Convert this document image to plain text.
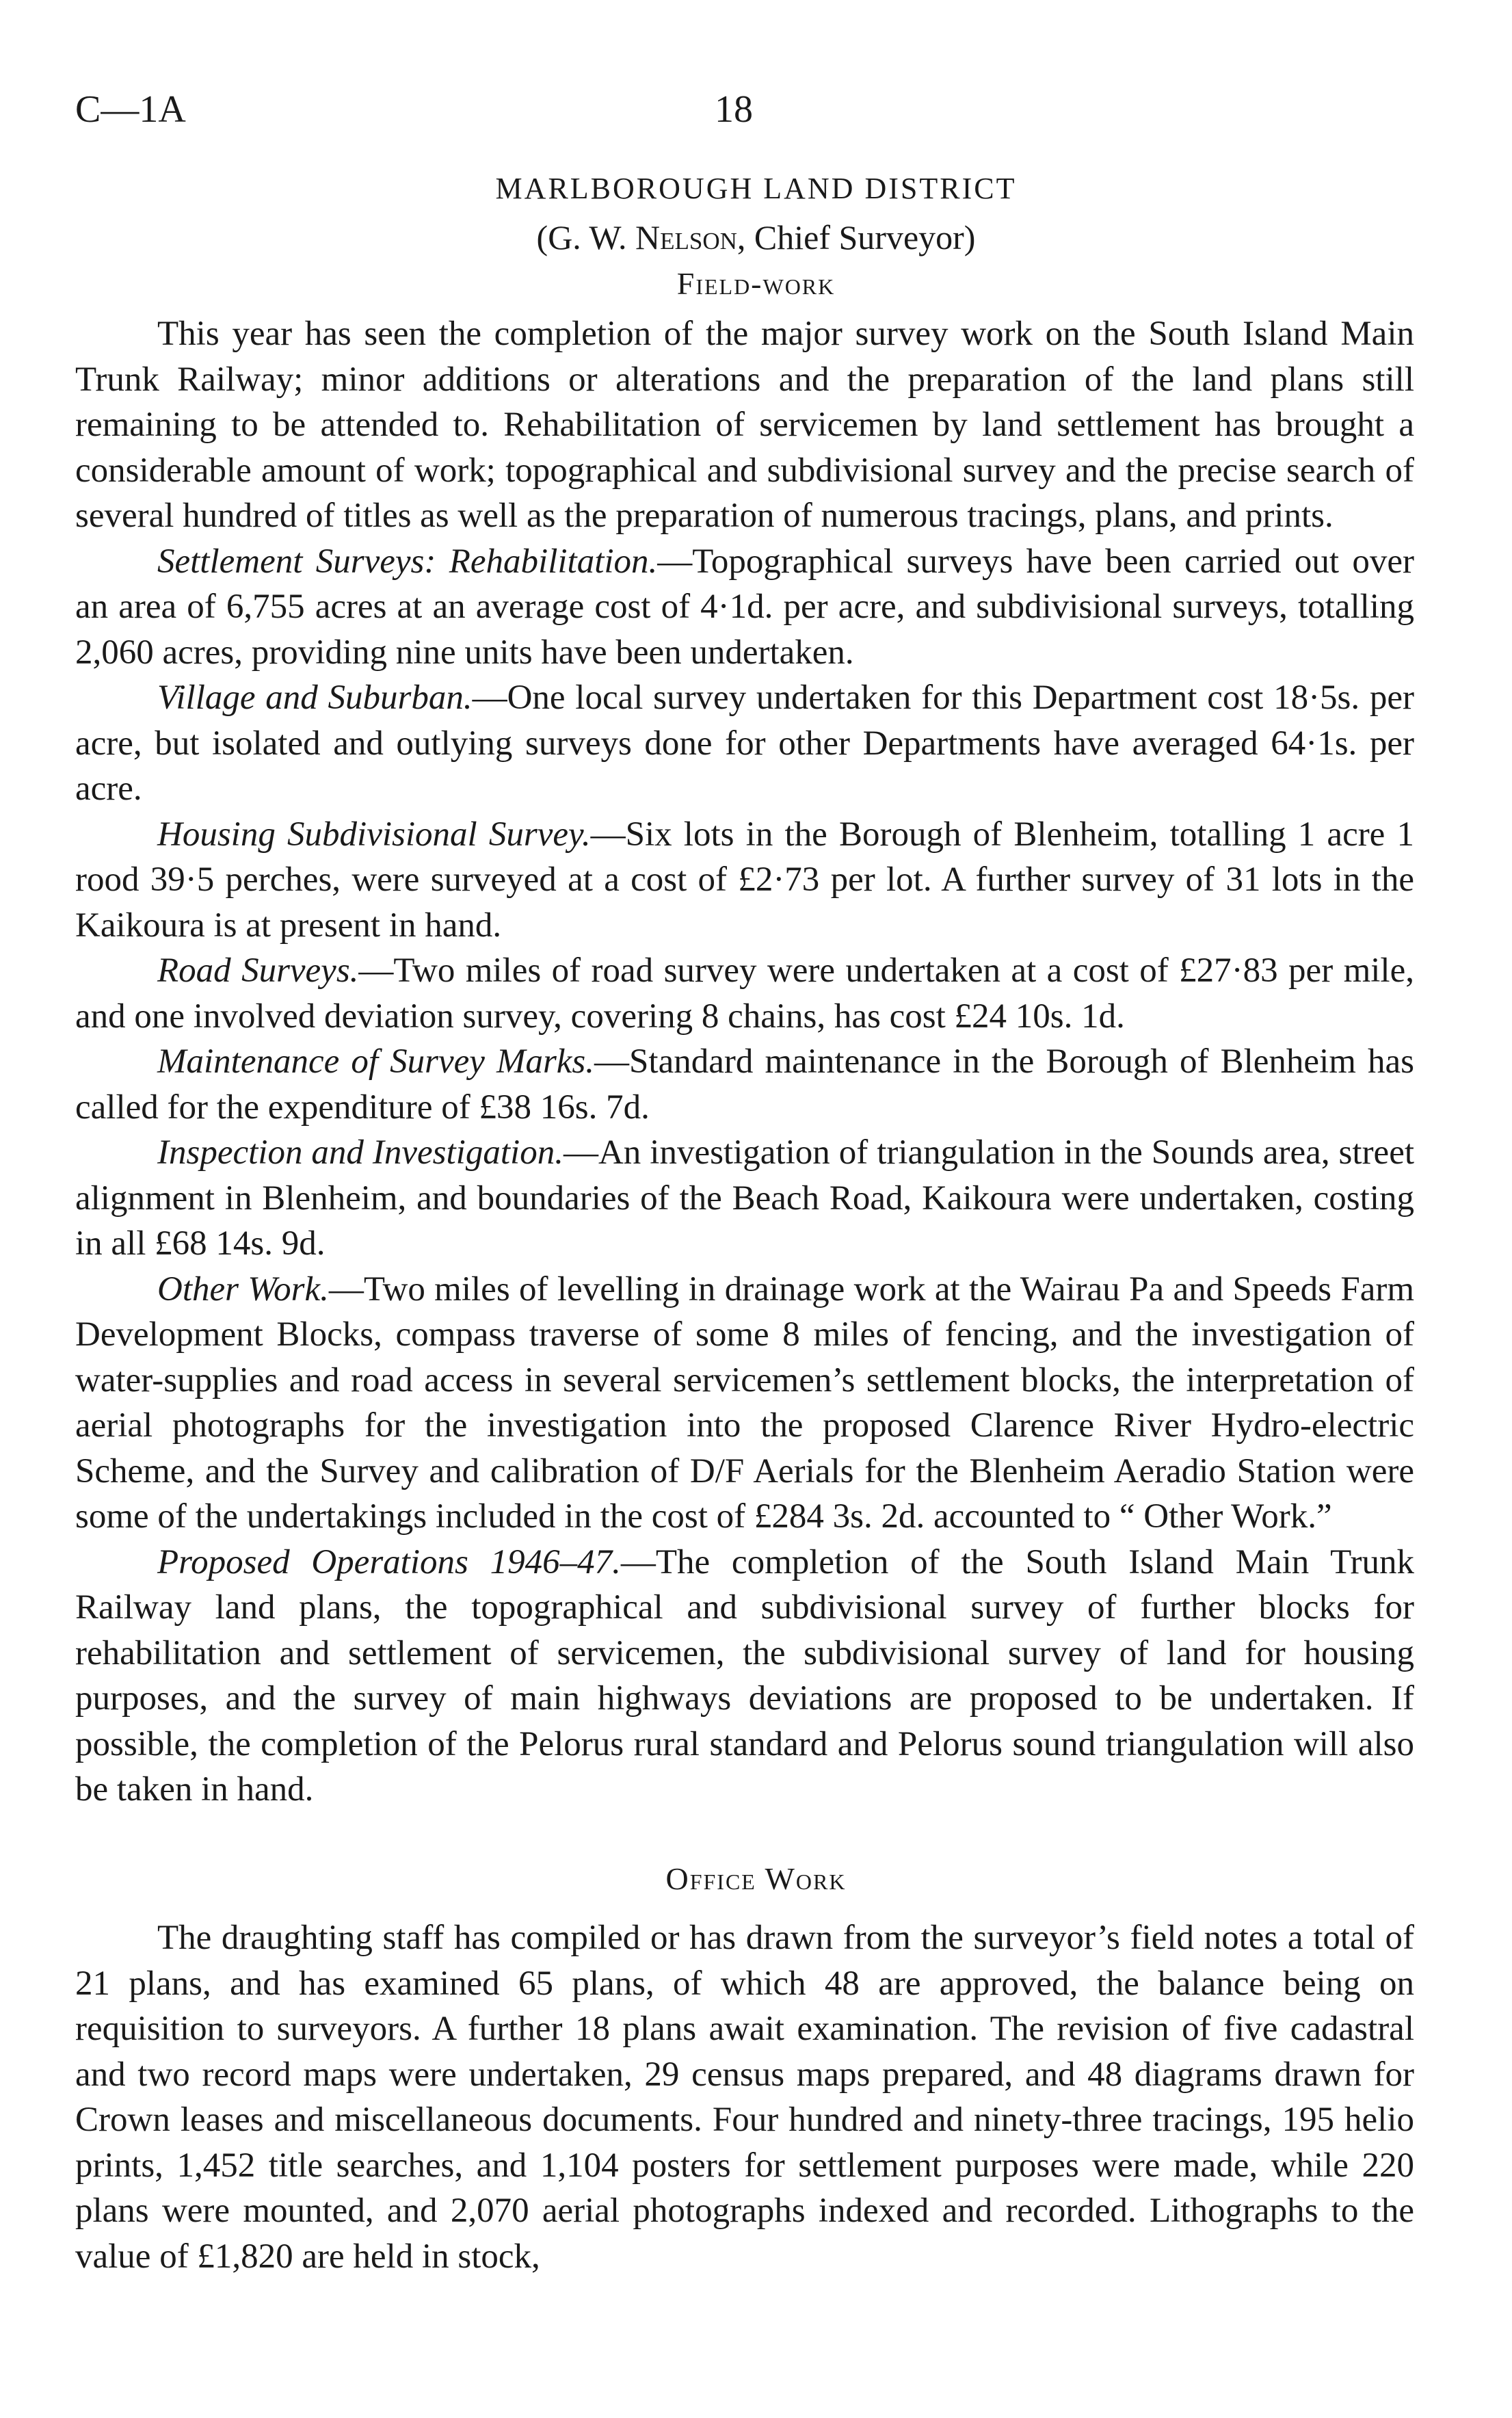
C—1A	18
MARLBOROUGH LAND DISTRICT
(G. W. Nelson, Chief Surveyor)
Field-work

This year has seen the completion of the major survey work on the South Island Main Trunk Railway; minor additions or alterations and the preparation of the land plans still remaining to be attended to. Rehabilitation of servicemen by land settlement has brought a considerable amount of work; topographical and subdivisional survey and the precise search of several hundred of titles as well as the preparation of numerous tracings, plans, and prints.

Settlement Surveys: Rehabilitation.—Topographical surveys have been carried out over an area of 6,755 acres at an average cost of 4·1d. per acre, and subdivisional surveys, totalling 2,060 acres, providing nine units have been undertaken.

Village and Suburban.—One local survey undertaken for this Department cost 18·5s. per acre, but isolated and outlying surveys done for other Departments have averaged 64·1s. per acre.

Housing Subdivisional Survey.—Six lots in the Borough of Blenheim, totalling 1 acre 1 rood 39·5 perches, were surveyed at a cost of £2·73 per lot. A further survey of 31 lots in the Kaikoura is at present in hand.

Road Surveys.—Two miles of road survey were undertaken at a cost of £27·83 per mile, and one involved deviation survey, covering 8 chains, has cost £24 10s. 1d.

Maintenance of Survey Marks.—Standard maintenance in the Borough of Blenheim has called for the expenditure of £38 16s. 7d.

Inspection and Investigation.—An investigation of triangulation in the Sounds area, street alignment in Blenheim, and boundaries of the Beach Road, Kaikoura were undertaken, costing in all £68 14s. 9d.

Other Work.—Two miles of levelling in drainage work at the Wairau Pa and Speeds Farm Development Blocks, compass traverse of some 8 miles of fencing, and the investigation of water-supplies and road access in several servicemen’s settlement blocks, the interpretation of aerial photographs for the investigation into the proposed Clarence River Hydro-electric Scheme, and the Survey and calibration of D/F Aerials for the Blenheim Aeradio Station were some of the undertakings included in the cost of £284 3s. 2d. accounted to “ Other Work.”

Proposed Operations 1946–47.—The completion of the South Island Main Trunk Railway land plans, the topographical and subdivisional survey of further blocks for rehabilitation and settlement of servicemen, the subdivisional survey of land for housing purposes, and the survey of main highways deviations are proposed to be undertaken. If possible, the completion of the Pelorus rural standard and Pelorus sound triangulation will also be taken in hand.

Office Work

The draughting staff has compiled or has drawn from the surveyor’s field notes a total of 21 plans, and has examined 65 plans, of which 48 are approved, the balance being on requisition to surveyors. A further 18 plans await examination. The revision of five cadastral and two record maps were undertaken, 29 census maps prepared, and 48 diagrams drawn for Crown leases and miscellaneous documents. Four hundred and ninety-three tracings, 195 helio prints, 1,452 title searches, and 1,104 posters for settlement purposes were made, while 220 plans were mounted, and 2,070 aerial photographs indexed and recorded. Lithographs to the value of £1,820 are held in stock,
